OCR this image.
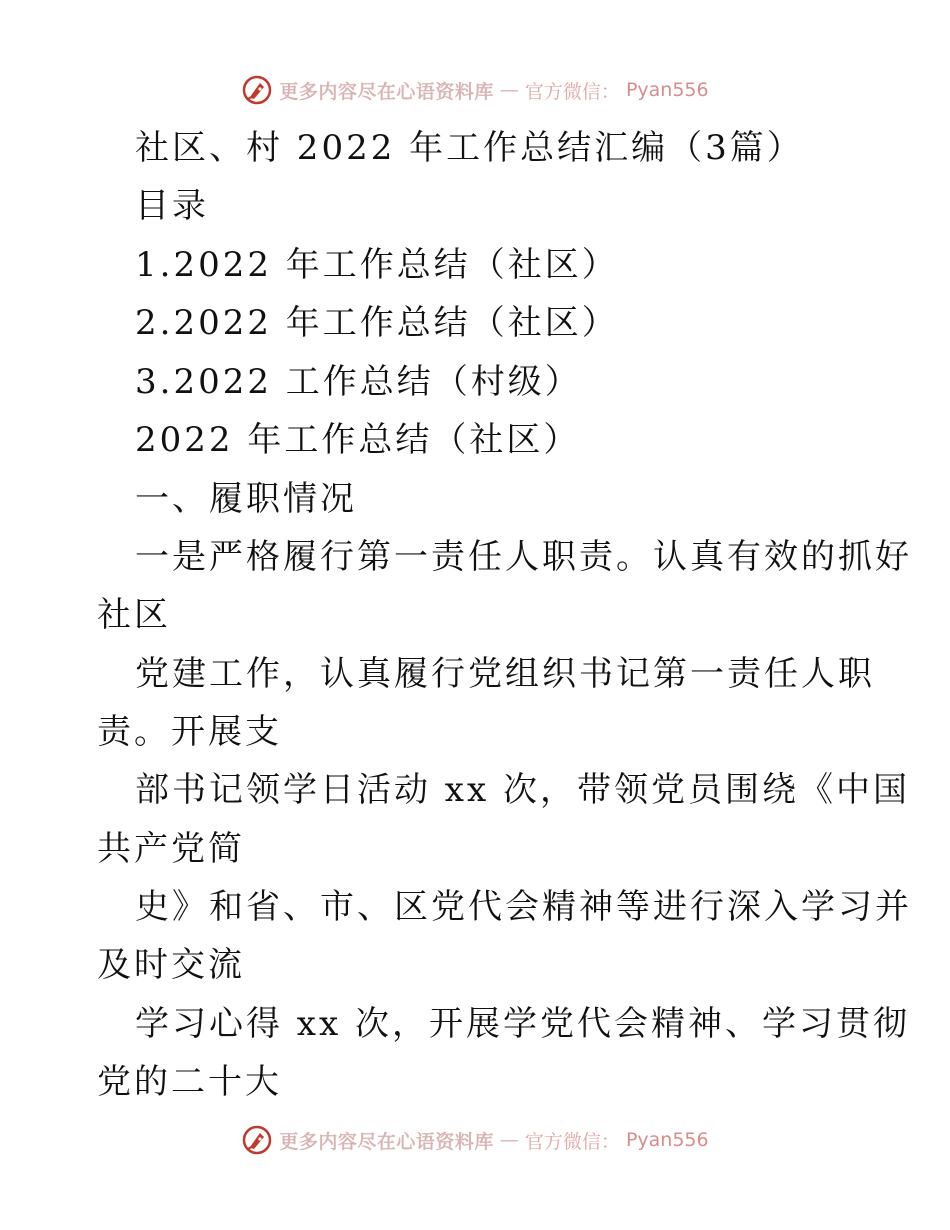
更多内容尽在心语资料库 — 官方微信： Pyan556
社区、村 2022 年工作总结汇编（3篇）
目录
1.2022 年工作总结（社区）
2.2022 年工作总结（社区）
3.2022 工作总结（村级）
2022 年工作总结（社区）
一、履职情况
一是严格履行第一责任人职责。认真有效的抓好
社区
党建工作，认真履行党组织书记第一责任人职
责。开展支
部书记领学日活动 xx 次，带领党员围绕《中国
共产党简
史》和省、市、区党代会精神等进行深入学习并
及时交流
学习心得 xx 次，开展学党代会精神、学习贯彻
党的二十大
更多内容尽在心语资料库 — 官方微信： Pyan556
